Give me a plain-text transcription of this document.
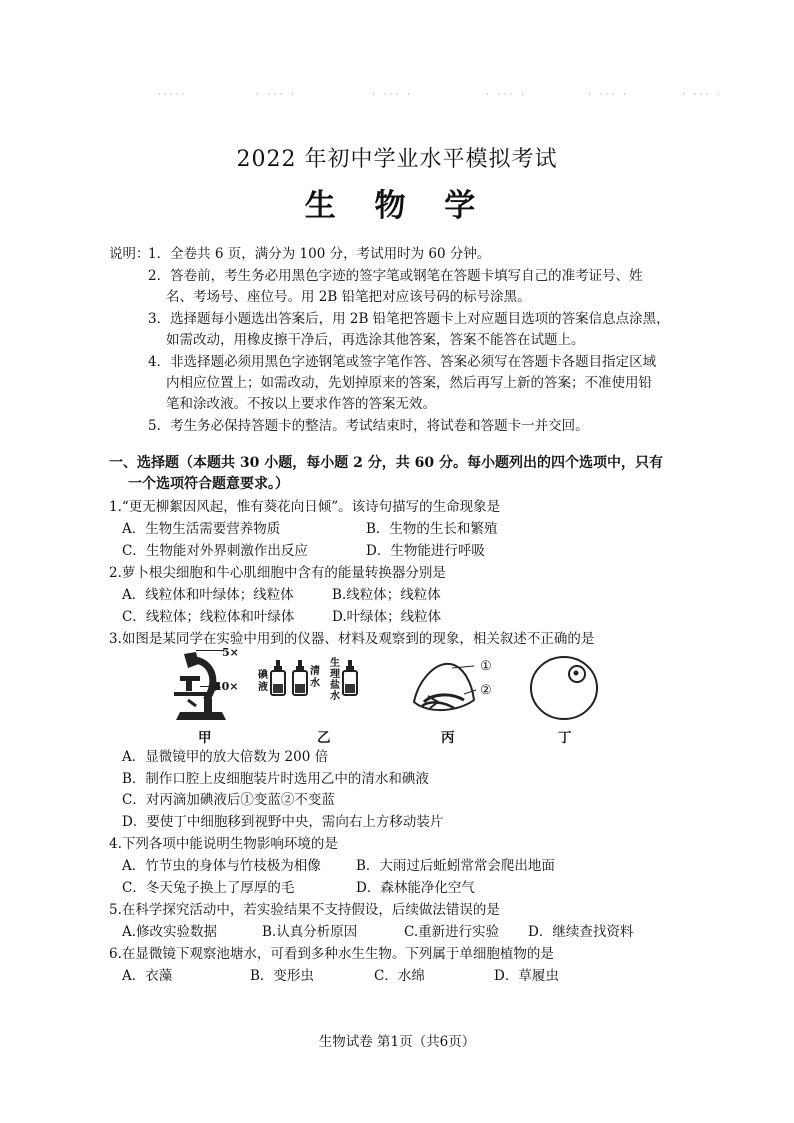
·····	· ··· ·	· ··· ·	· ··· ·	· ··· ·	· ··· ·
2022 年初中学业水平模拟考试
生 物 学
说明：
1．全卷共 6 页，满分为 100 分，考试用时为 60 分钟。
2．答卷前，考生务必用黑色字迹的签字笔或钢笔在答题卡填写自己的准考证号、姓
名、考场号、座位号。用 2B 铅笔把对应该号码的标号涂黑。
3．选择题每小题选出答案后，用 2B 铅笔把答题卡上对应题目选项的答案信息点涂黑，
如需改动，用橡皮擦干净后，再选涂其他答案，答案不能答在试题上。
4．非选择题必须用黑色字迹钢笔或签字笔作答、答案必须写在答题卡各题目指定区域
内相应位置上；如需改动，先划掉原来的答案，然后再写上新的答案；不准使用铅
笔和涂改液。不按以上要求作答的答案无效。
5．考生务必保持答题卡的整洁。考试结束时，将试卷和答题卡一并交回。
一、选择题（本题共 30 小题，每小题 2 分，共 60 分。每小题列出的四个选项中，只有
一个选项符合题意要求。）
1.“更无柳絮因风起，惟有葵花向日倾”。该诗句描写的生命现象是
A．生物生活需要营养物质	B．生物的生长和繁殖
C．生物能对外界刺激作出反应	D．生物能进行呼吸
2.萝卜根尖细胞和牛心肌细胞中含有的能量转换器分别是
A．线粒体和叶绿体；线粒体	B.线粒体；线粒体
C．线粒体；线粒体和叶绿体	D.叶绿体；线粒体
3.如图是某同学在实验中用到的仪器、材料及观察到的现象，相关叙述不正确的是
5×
40×
碘
液
清
水
生
理
盐
水
①
②
甲	乙	丙	丁
A．显微镜甲的放大倍数为 200 倍
B．制作口腔上皮细胞装片时选用乙中的清水和碘液
C．对丙滴加碘液后①变蓝②不变蓝
D．要使丁中细胞移到视野中央，需向右上方移动装片
4.下列各项中能说明生物影响环境的是
A．竹节虫的身体与竹枝极为相像	B．大雨过后蚯蚓常常会爬出地面
C．冬天兔子换上了厚厚的毛	D．森林能净化空气
5.在科学探究活动中，若实验结果不支持假设，后续做法错误的是
A.修改实验数据	B.认真分析原因	C.重新进行实验 D．继续查找资料
6.在显微镜下观察池塘水，可看到多种水生生物。下列属于单细胞植物的是
A．衣藻	B．变形虫	C．水绵	D．草履虫
生物试卷 第1页（共6页）
